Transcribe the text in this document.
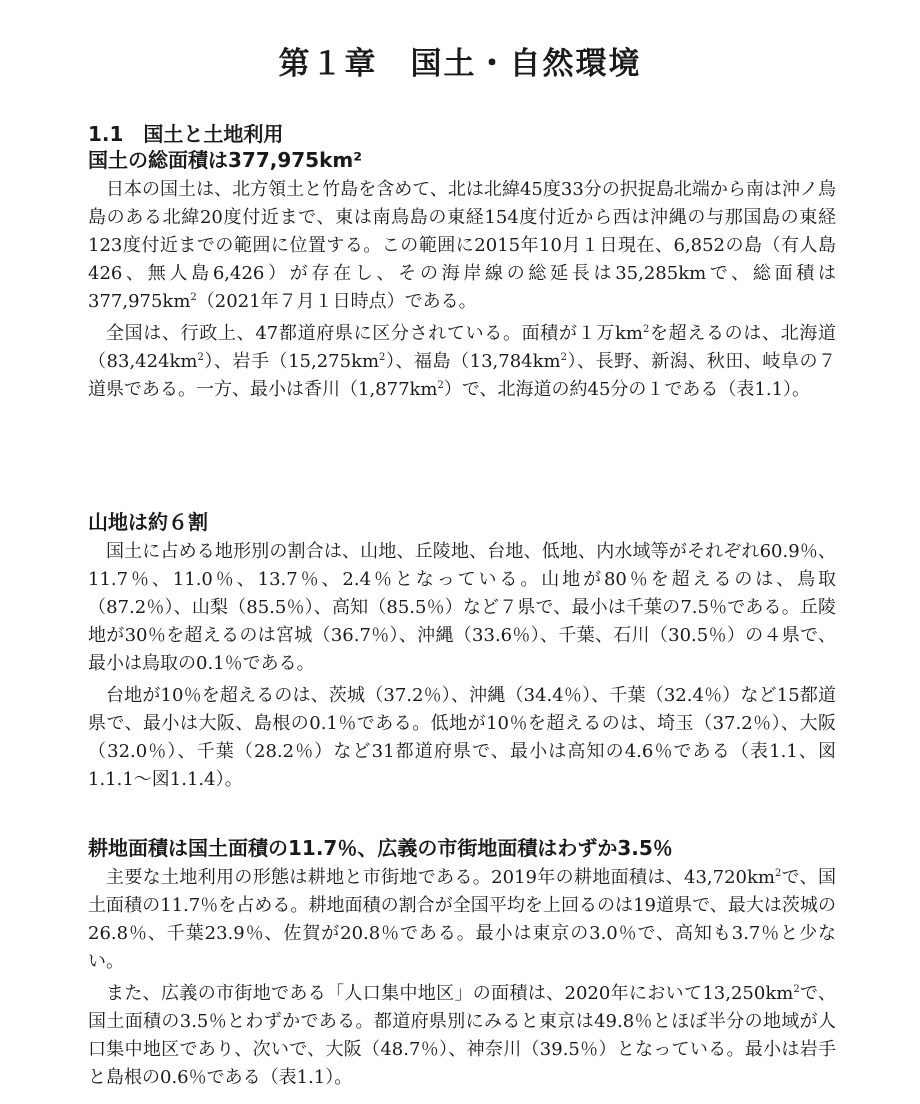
第１章　国土・自然環境
1.1　国土と土地利用
国土の総面積は377,975km²

日本の国土は、北方領土と竹島を含めて、北は北緯45度33分の択捉島北端から南は沖ノ鳥島のある北緯20度付近まで、東は南鳥島の東経154度付近から西は沖縄の与那国島の東経123度付近までの範囲に位置する。この範囲に2015年10月１日現在、6,852の島（有人島426、無人島6,426）が存在し、その海岸線の総延長は35,285kmで、総面積は$377,975km^2(2021$年７月１日時点）である。

全国は、行政上、47都道府県に区分されている。面積が１万$km^2$を超えるのは、北海道$(83,424km^2)$、岩手$(15,275km^2)$、福島$(13,784km^2)$、長野、新潟、秋田、岐阜の７道県である。一方、最小は香川$(1,877km^2)$で、北海道の約45分の１である（表1.1）。

山地は約６割

国土に占める地形別の割合は、山地、丘陵地、台地、低地、内水域等がそれぞれ60.9％、11.7％、11.0％、13.7％、2.4％となっている。山地が80％を超えるのは、鳥取（87.2％）、山梨（85.5％）、高知（85.5％）など７県で、最小は千葉の7.5％である。丘陵地が30％を超えるのは宮城（36.7％）、沖縄（33.6％）、千葉、石川（30.5％）の４県で、最小は鳥取の0.1％である。

台地が10％を超えるのは、茨城（37.2％）、沖縄（34.4％）、千葉（32.4％）など15都道県で、最小は大阪、島根の0.1％である。低地が10％を超えるのは、埼玉（37.2％）、大阪（32.0％）、千葉（28.2％）など31都道府県で、最小は高知の4.6％である（表1.1、図1.1.1～図1.1.4）。

耕地面積は国土面積の11.7％、広義の市街地面積はわずか3.5％

主要な土地利用の形態は耕地と市街地である。2019年の耕地面積は、$43,720km^2$で、国土面積の11.7％を占める。耕地面積の割合が全国平均を上回るのは19道県で、最大は茨城の26.8％、千葉23.9％、佐賀が20.8％である。最小は東京の3.0％で、高知も3.7％と少ない。

また、広義の市街地である「人口集中地区」の面積は、2020年において$13,250km^2$で、国土面積の3.5％とわずかである。都道府県別にみると東京は49.8％とほぼ半分の地域が人口集中地区であり、次いで、大阪（48.7％）、神奈川（39.5％）となっている。最小は岩手と島根の0.6％である（表1.1）。
